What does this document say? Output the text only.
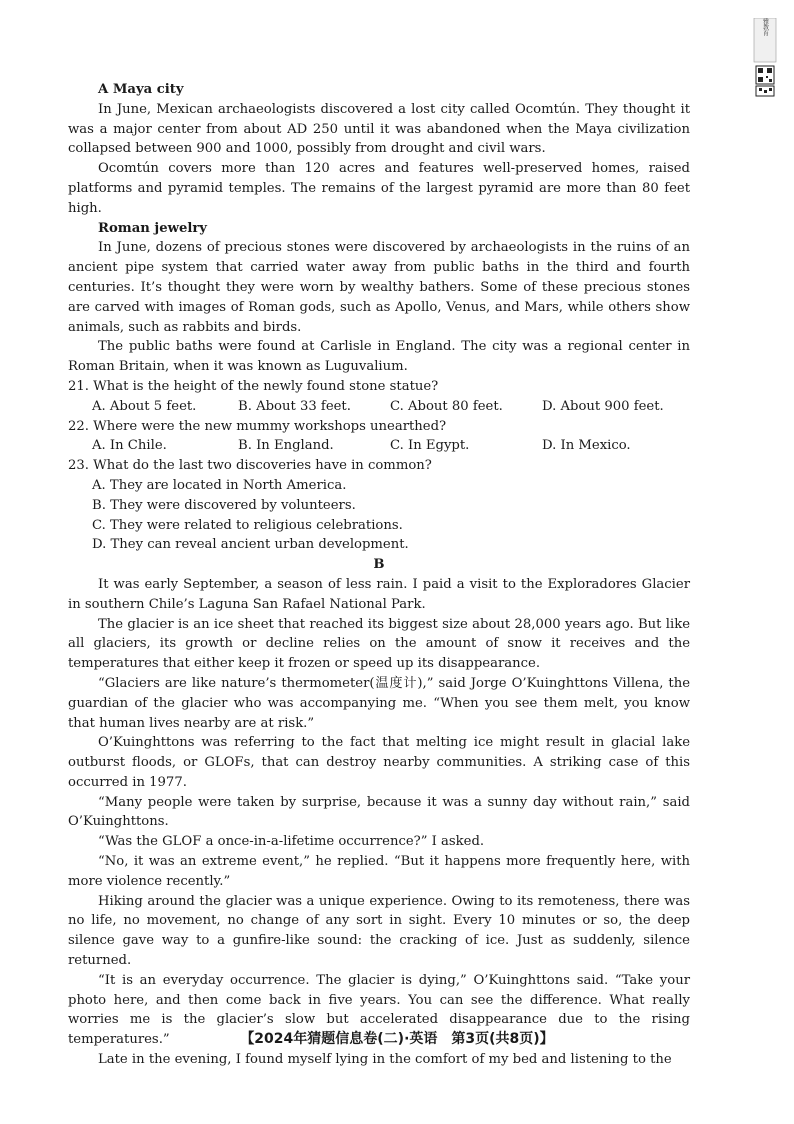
三雅教育

A Maya city

In June, Mexican archaeologists discovered a lost city called Ocomtún. They thought it was a major center from about AD 250 until it was abandoned when the Maya civilization collapsed between 900 and 1000, possibly from drought and civil wars.

Ocomtún covers more than 120 acres and features well-preserved homes, raised platforms and pyramid temples. The remains of the largest pyramid are more than 80 feet high.

Roman jewelry

In June, dozens of precious stones were discovered by archaeologists in the ruins of an ancient pipe system that carried water away from public baths in the third and fourth centuries. It’s thought they were worn by wealthy bathers. Some of these precious stones are carved with images of Roman gods, such as Apollo, Venus, and Mars, while others show animals, such as rabbits and birds.

The public baths were found at Carlisle in England. The city was a regional center in Roman Britain, when it was known as Luguvalium.

21. What is the height of the newly found stone statue?

A. About 5 feet.	B. About 33 feet.	C. About 80 feet.	D. About 900 feet.

22. Where were the new mummy workshops unearthed?

A. In Chile.	B. In England.	C. In Egypt.	D. In Mexico.

23. What do the last two discoveries have in common?

A. They are located in North America.

B. They were discovered by volunteers.

C. They were related to religious celebrations.

D. They can reveal ancient urban development.

B

It was early September, a season of less rain. I paid a visit to the Exploradores Glacier in southern Chile’s Laguna San Rafael National Park.

The glacier is an ice sheet that reached its biggest size about 28,000 years ago. But like all glaciers, its growth or decline relies on the amount of snow it receives and the temperatures that either keep it frozen or speed up its disappearance.

“Glaciers are like nature’s thermometer(温度计),” said Jorge O’Kuinghttons Villena, the guardian of the glacier who was accompanying me. “When you see them melt, you know that human lives nearby are at risk.”

O’Kuinghttons was referring to the fact that melting ice might result in glacial lake outburst floods, or GLOFs, that can destroy nearby communities. A striking case of this occurred in 1977.

“Many people were taken by surprise, because it was a sunny day without rain,” said O’Kuinghttons.

“Was the GLOF a once-in-a-lifetime occurrence?” I asked.

“No, it was an extreme event,” he replied. “But it happens more frequently here, with more violence recently.”

Hiking around the glacier was a unique experience. Owing to its remoteness, there was no life, no movement, no change of any sort in sight. Every 10 minutes or so, the deep silence gave way to a gunfire-like sound: the cracking of ice. Just as suddenly, silence returned.

“It is an everyday occurrence. The glacier is dying,” O’Kuinghttons said. “Take your photo here, and then come back in five years. You can see the difference. What really worries me is the glacier’s slow but accelerated disappearance due to the rising temperatures.”

Late in the evening, I found myself lying in the comfort of my bed and listening to the

【2024年猜题信息卷(二)·英语　第3页(共8页)】
